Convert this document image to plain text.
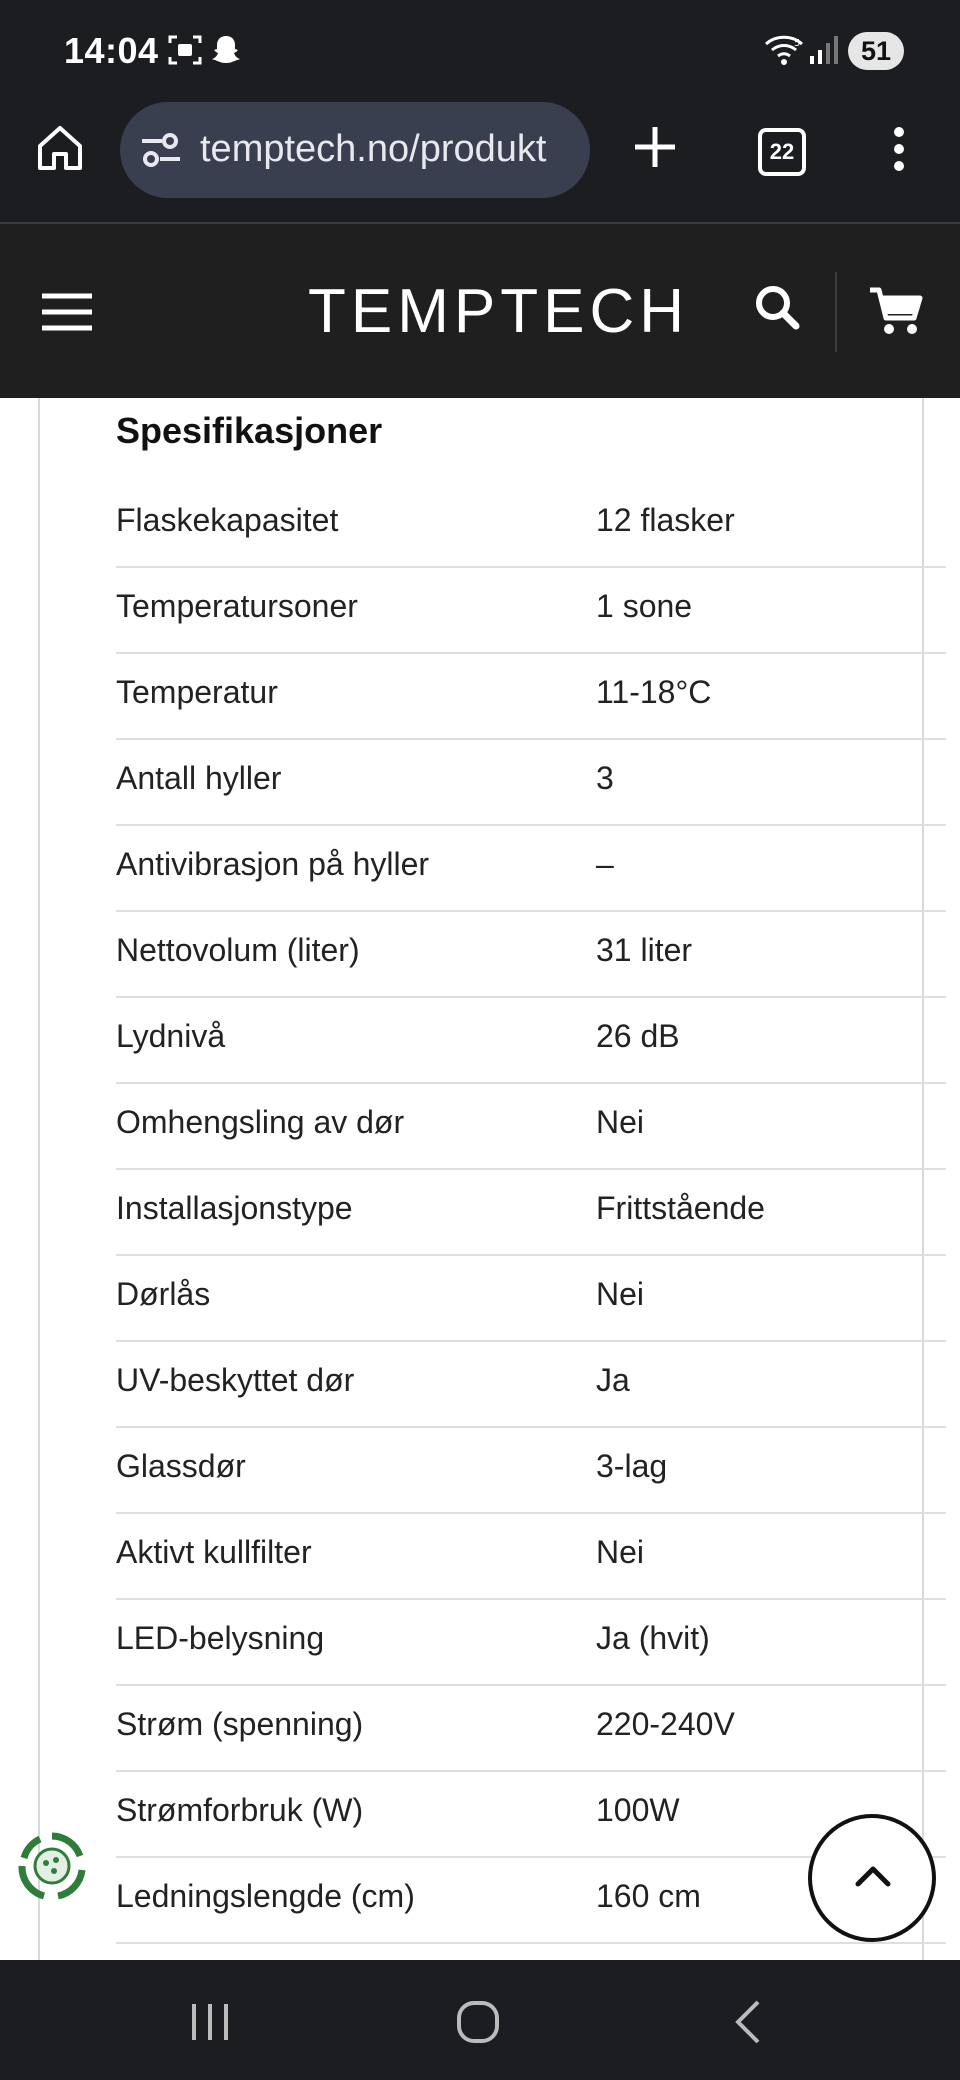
14:04	5	51
temptech.no/produkt	22
TEMPTECH
Spesifikasjoner
Flaskekapasitet	12 flasker
Temperatursoner	1 sone
Temperatur	11-18°C
Antall hyller	3
Antivibrasjon på hyller	–
Nettovolum (liter)	31 liter
Lydnivå	26 dB
Omhengsling av dør	Nei
Installasjonstype	Frittstående
Dørlås	Nei
UV-beskyttet dør	Ja
Glassdør	3-lag
Aktivt kullfilter	Nei
LED-belysning	Ja (hvit)
Strøm (spenning)	220-240V
Strømforbruk (W)	100W
Ledningslengde (cm)	160 cm
